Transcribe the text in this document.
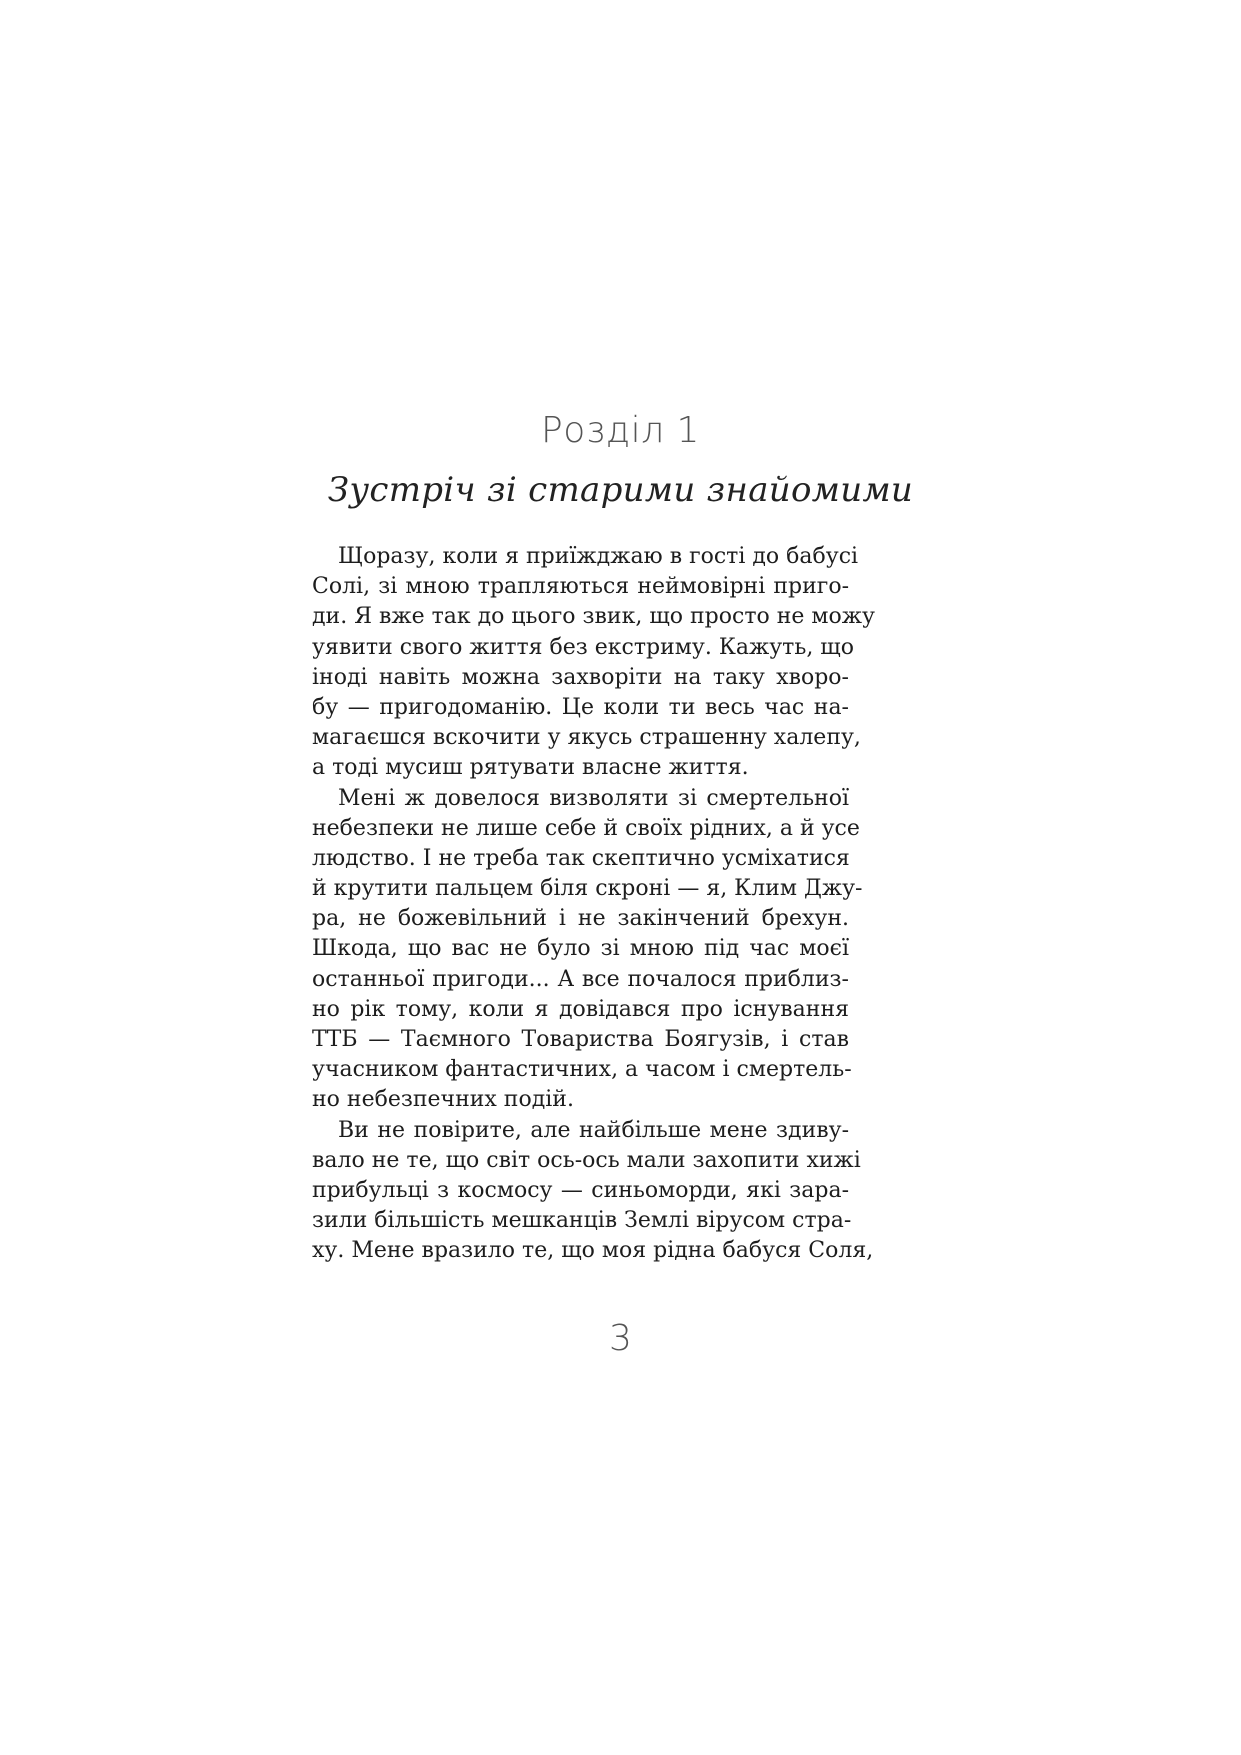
Розділ 1
Зустріч зі старими знайомими
Щоразу, коли я приїжджаю в гості до бабусі
Солі, зі мною трапляються неймовірні приго-
ди. Я вже так до цього звик, що просто не можу
уявити свого життя без екстриму. Кажуть, що
іноді навіть можна захворіти на таку хворо-
бу — пригодоманію. Це коли ти весь час на-
магаєшся вскочити у якусь страшенну халепу,
а тоді мусиш рятувати власне життя.
Мені ж довелося визволяти зі смертельної
небезпеки не лише себе й своїх рідних, а й усе
людство. І не треба так скептично усміхатися
й крутити пальцем біля скроні — я, Клим Джу-
ра, не божевільний і не закінчений брехун.
Шкода, що вас не було зі мною під час моєї
останньої пригоди... А все почалося приблиз-
но рік тому, коли я довідався про існування
ТТБ — Таємного Товариства Боягузів, і став
учасником фантастичних, а часом і смертель-
но небезпечних подій.
Ви не повірите, але найбільше мене здиву-
вало не те, що світ ось-ось мали захопити хижі
прибульці з космосу — синьоморди, які зара-
зили більшість мешканців Землі вірусом стра-
ху. Мене вразило те, що моя рідна бабуся Соля,
3
